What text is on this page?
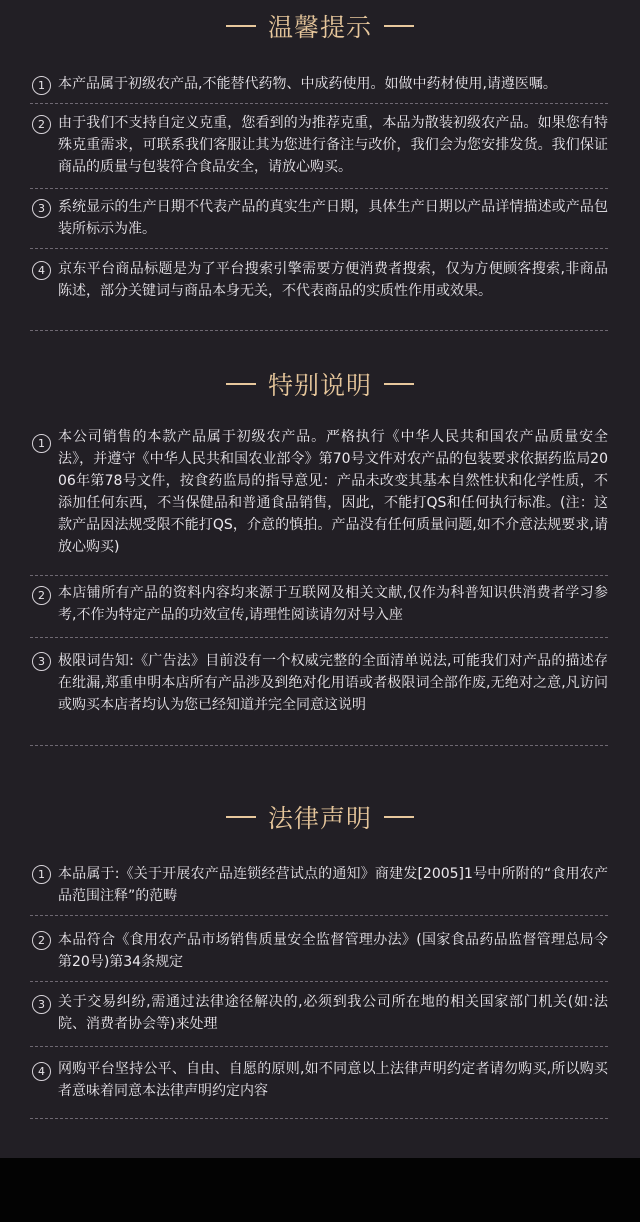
温馨提示
1 本产品属于初级农产品,不能替代药物、中成药使用。如做中药材使用,请遵医嘱。
2 由于我们不支持自定义克重，您看到的为推荐克重，本品为散装初级农产品。如果您有特殊克重需求，可联系我们客服让其为您进行备注与改价，我们会为您安排发货。我们保证商品的质量与包装符合食品安全，请放心购买。
3 系统显示的生产日期不代表产品的真实生产日期，具体生产日期以产品详情描述或产品包装所标示为准。
4 京东平台商品标题是为了平台搜索引擎需要方便消费者搜索，仅为方便顾客搜索,非商品陈述，部分关键词与商品本身无关，不代表商品的实质性作用或效果。
特别说明
1 本公司销售的本款产品属于初级农产品。严格执行《中华人民共和国农产品质量安全法》，并遵守《中华人民共和国农业部令》第70号文件对农产品的包装要求依据药监局2006年第78号文件，按食药监局的指导意见：产品未改变其基本自然性状和化学性质，不添加任何东西，不当保健品和普通食品销售，因此，不能打QS和任何执行标准。(注：这款产品因法规受限不能打QS，介意的慎拍。产品没有任何质量问题,如不介意法规要求,请放心购买)
2 本店铺所有产品的资料内容均来源于互联网及相关文献,仅作为科普知识供消费者学习参考,不作为特定产品的功效宣传,请理性阅读请勿对号入座
3 极限词告知:《广告法》目前没有一个权威完整的全面清单说法,可能我们对产品的描述存在纰漏,郑重申明本店所有产品涉及到绝对化用语或者极限词全部作废,无绝对之意,凡访问或购买本店者均认为您已经知道并完全同意这说明
法律声明
1 本品属于:《关于开展农产品连锁经营试点的通知》商建发[2005]1号中所附的“食用农产品范围注释”的范畴
2 本品符合《食用农产品市场销售质量安全监督管理办法》(国家食品药品监督管理总局令第20号)第34条规定
3 关于交易纠纷,需通过法律途径解决的,必须到我公司所在地的相关国家部门机关(如:法院、消费者协会等)来处理
4 网购平台坚持公平、自由、自愿的原则,如不同意以上法律声明约定者请勿购买,所以购买者意味着同意本法律声明约定内容
